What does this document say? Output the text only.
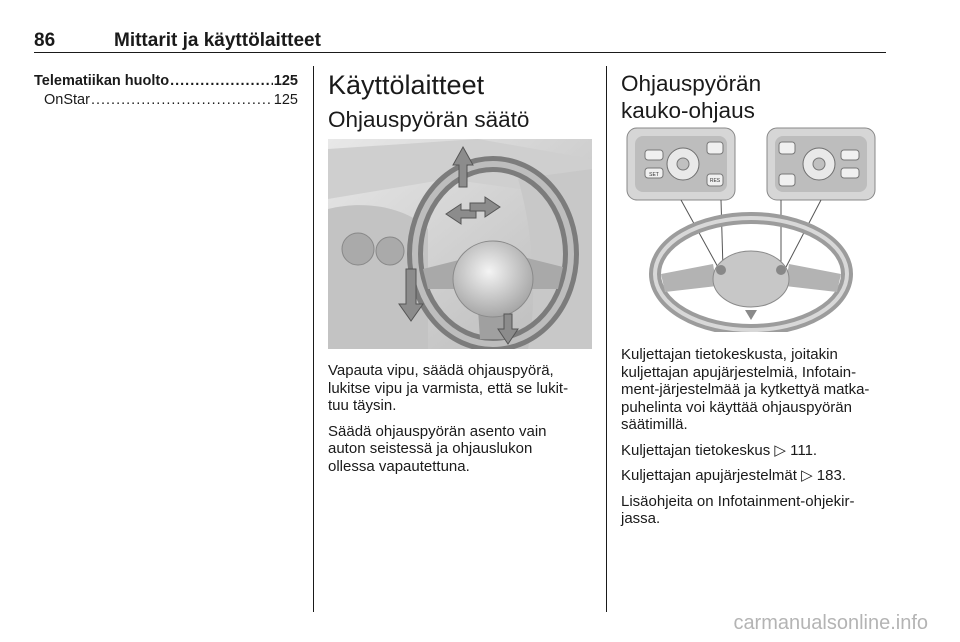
86	Mittarit ja käyttölaitteet
Telematiikan huolto .....	125
OnStar .....	125 Käyttölaitteet
Ohjauspyörän säätö

Vapauta vipu, säädä ohjauspyörä,
lukitse vipu ja varmista, että se lukit-
tuu täysin.

Säädä ohjauspyörän asento vain
auton seistessä ja ohjauslukon
ollessa vapautettuna.

Ohjauspyörän
kauko-ohjaus
SET
RES

Kuljettajan tietokeskusta, joitakin
kuljettajan apujärjestelmiä, Infotain-
ment-järjestelmää ja kytkettyä matka-
puhelinta voi käyttää ohjauspyörän
säätimillä.

Kuljettajan tietokeskus ▷ 111.

Kuljettajan apujärjestelmät ▷ 183.

Lisäohjeita on Infotainment-ohjekir-
jassa.

carmanualsonline.info
